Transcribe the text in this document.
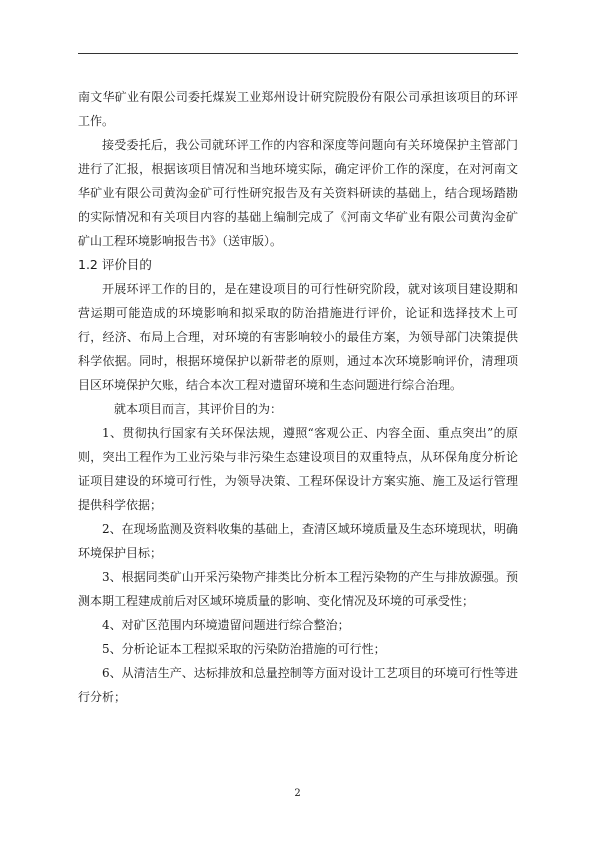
南文华矿业有限公司委托煤炭工业郑州设计研究院股份有限公司承担该项目的环评工作。

接受委托后，我公司就环评工作的内容和深度等问题向有关环境保护主管部门进行了汇报，根据该项目情况和当地环境实际，确定评价工作的深度，在对河南文华矿业有限公司黄沟金矿可行性研究报告及有关资料研读的基础上，结合现场踏勘的实际情况和有关项目内容的基础上编制完成了《河南文华矿业有限公司黄沟金矿矿山工程环境影响报告书》（送审版）。

1.2 评价目的

开展环评工作的目的，是在建设项目的可行性研究阶段，就对该项目建设期和营运期可能造成的环境影响和拟采取的防治措施进行评价，论证和选择技术上可行，经济、布局上合理，对环境的有害影响较小的最佳方案，为领导部门决策提供科学依据。同时，根据环境保护以新带老的原则，通过本次环境影响评价，清理项目区环境保护欠账，结合本次工程对遗留环境和生态问题进行综合治理。

就本项目而言，其评价目的为：

1、贯彻执行国家有关环保法规，遵照“客观公正、内容全面、重点突出”的原则，突出工程作为工业污染与非污染生态建设项目的双重特点，从环保角度分析论证项目建设的环境可行性，为领导决策、工程环保设计方案实施、施工及运行管理提供科学依据；

2、在现场监测及资料收集的基础上，查清区域环境质量及生态环境现状，明确环境保护目标；

3、根据同类矿山开采污染物产排类比分析本工程污染物的产生与排放源强。预测本期工程建成前后对区域环境质量的影响、变化情况及环境的可承受性；

4、对矿区范围内环境遗留问题进行综合整治；

5、分析论证本工程拟采取的污染防治措施的可行性；

6、从清洁生产、达标排放和总量控制等方面对设计工艺项目的环境可行性等进行分析；

2
